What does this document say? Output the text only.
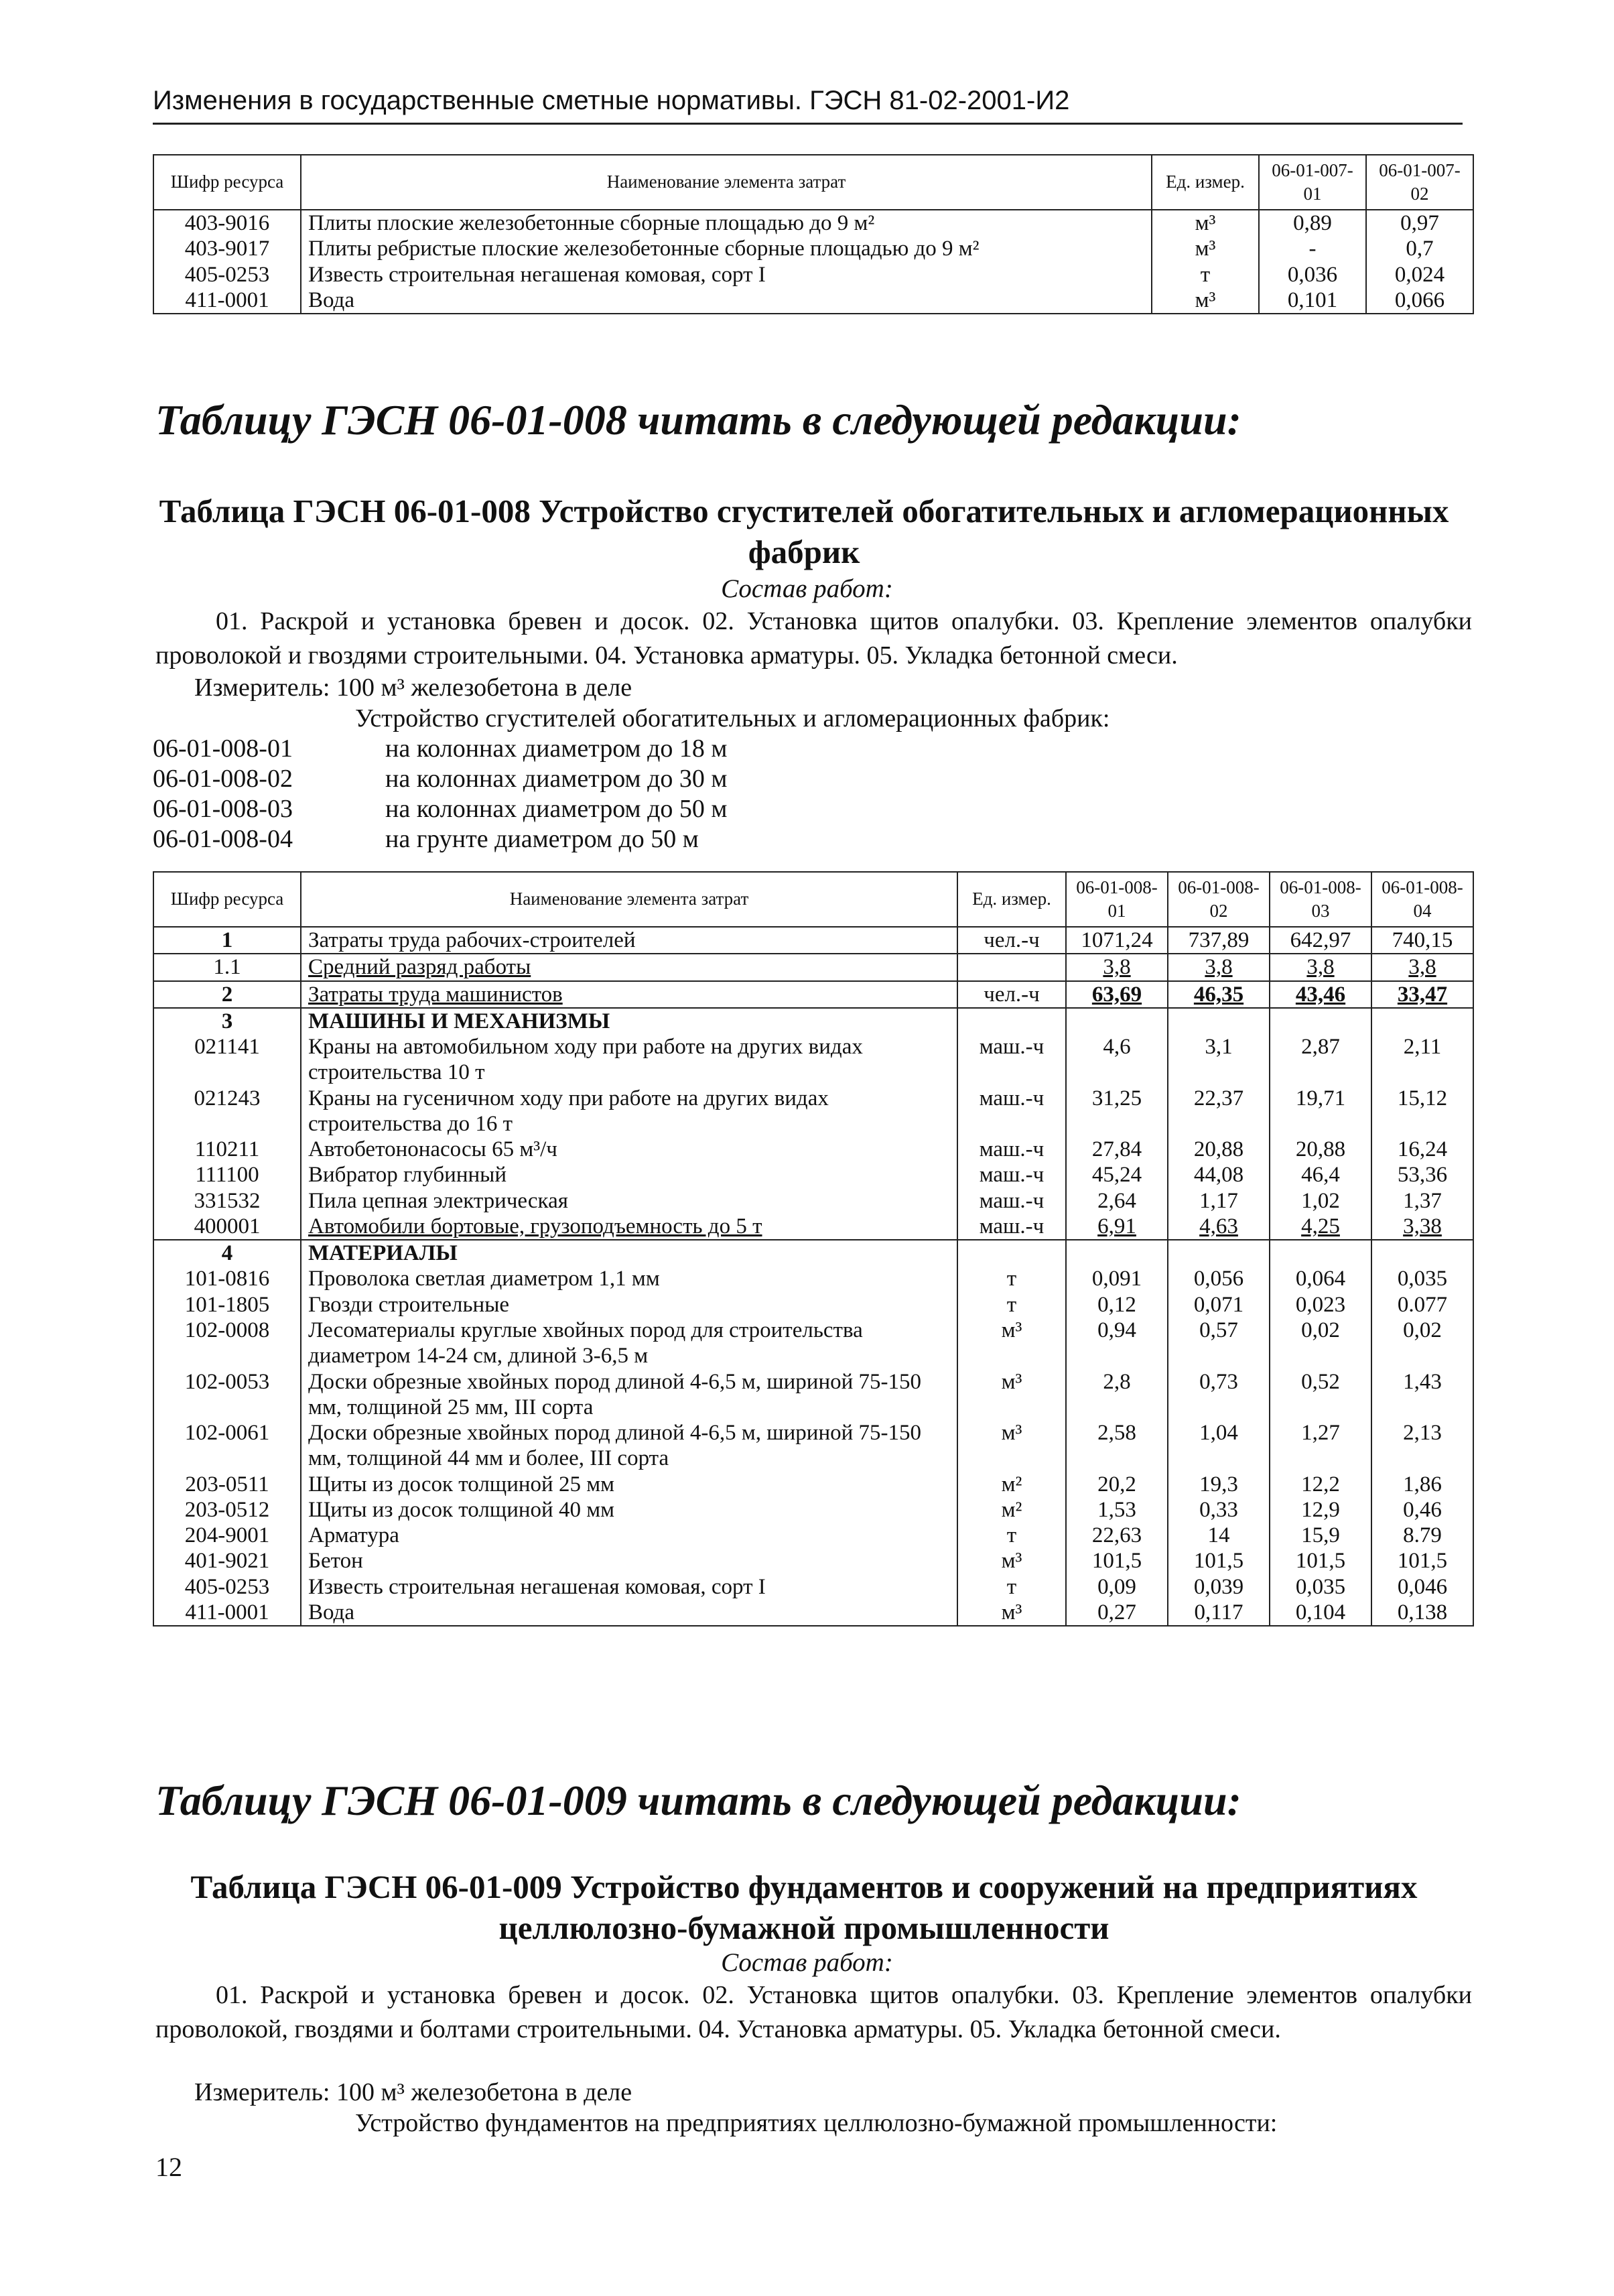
Изменения в государственные сметные нормативы. ГЭСН 81-02-2001-И2
Шифр ресурса	Наименование элемента затрат	Ед. измер.	06-01-007-01	06-01-007-02
403-9016	Плиты плоские железобетонные сборные площадью до 9 м²	м³	0,89	0,97
403-9017	Плиты ребристые плоские железобетонные сборные площадью до 9 м²	м³	-	0,7
405-0253	Известь строительная негашеная комовая, сорт I	т	0,036	0,024
411-0001	Вода	м³	0,101	0,066
Таблицу ГЭСН 06-01-008 читать в следующей редакции:
Таблица ГЭСН 06-01-008 Устройство сгустителей обогатительных и агломерационных
фабрик
Состав работ:
01. Раскрой и установка бревен и досок. 02. Установка щитов опалубки. 03. Крепление элементов опалубки проволокой и гвоздями строительными. 04. Установка арматуры. 05. Укладка бетонной смеси.
Измеритель: 100 м³ железобетона в деле
Устройство сгустителей обогатительных и агломерационных фабрик:
06-01-008-01	на колоннах диаметром до 18 м
06-01-008-02	на колоннах диаметром до 30 м
06-01-008-03	на колоннах диаметром до 50 м
06-01-008-04	на грунте диаметром до 50 м
Шифр ресурса	Наименование элемента затрат	Ед. измер.	06-01-008-01	06-01-008-02	06-01-008-03	06-01-008-04
1	Затраты труда рабочих-строителей	чел.-ч	1071,24	737,89	642,97	740,15
1.1	Средний разряд работы		3,8	3,8	3,8	3,8
2	Затраты труда машинистов	чел.-ч	63,69	46,35	43,46	33,47
3	МАШИНЫ И МЕХАНИЗМЫ					
021141	Краны на автомобильном ходу при работе на других видах строительства 10 т	маш.-ч	4,6	3,1	2,87	2,11
021243	Краны на гусеничном ходу при работе на других видах строительства до 16 т	маш.-ч	31,25	22,37	19,71	15,12
110211	Автобетононасосы 65 м³/ч	маш.-ч	27,84	20,88	20,88	16,24
111100	Вибратор глубинный	маш.-ч	45,24	44,08	46,4	53,36
331532	Пила цепная электрическая	маш.-ч	2,64	1,17	1,02	1,37
400001	Автомобили бортовые, грузоподъемность до 5 т	маш.-ч	6,91	4,63	4,25	3,38
4	МАТЕРИАЛЫ					
101-0816	Проволока светлая диаметром 1,1 мм	т	0,091	0,056	0,064	0,035
101-1805	Гвозди строительные	т	0,12	0,071	0,023	0.077
102-0008	Лесоматериалы круглые хвойных пород для строительства диаметром 14-24 см, длиной 3-6,5 м	м³	0,94	0,57	0,02	0,02
102-0053	Доски обрезные хвойных пород длиной 4-6,5 м, шириной 75-150 мм, толщиной 25 мм, III сорта	м³	2,8	0,73	0,52	1,43
102-0061	Доски обрезные хвойных пород длиной 4-6,5 м, шириной 75-150 мм, толщиной 44 мм и более, III сорта	м³	2,58	1,04	1,27	2,13
203-0511	Щиты из досок толщиной 25 мм	м²	20,2	19,3	12,2	1,86
203-0512	Щиты из досок толщиной 40 мм	м²	1,53	0,33	12,9	0,46
204-9001	Арматура	т	22,63	14	15,9	8.79
401-9021	Бетон	м³	101,5	101,5	101,5	101,5
405-0253	Известь строительная негашеная комовая, сорт I	т	0,09	0,039	0,035	0,046
411-0001	Вода	м³	0,27	0,117	0,104	0,138
Таблицу ГЭСН 06-01-009 читать в следующей редакции:
Таблица ГЭСН 06-01-009 Устройство фундаментов и сооружений на предприятиях
целлюлозно-бумажной промышленности
Состав работ:
01. Раскрой и установка бревен и досок. 02. Установка щитов опалубки. 03. Крепление элементов опалубки проволокой, гвоздями и болтами строительными. 04. Установка арматуры. 05. Укладка бетонной смеси.
Измеритель: 100 м³ железобетона в деле
Устройство фундаментов на предприятиях целлюлозно-бумажной промышленности:
12
